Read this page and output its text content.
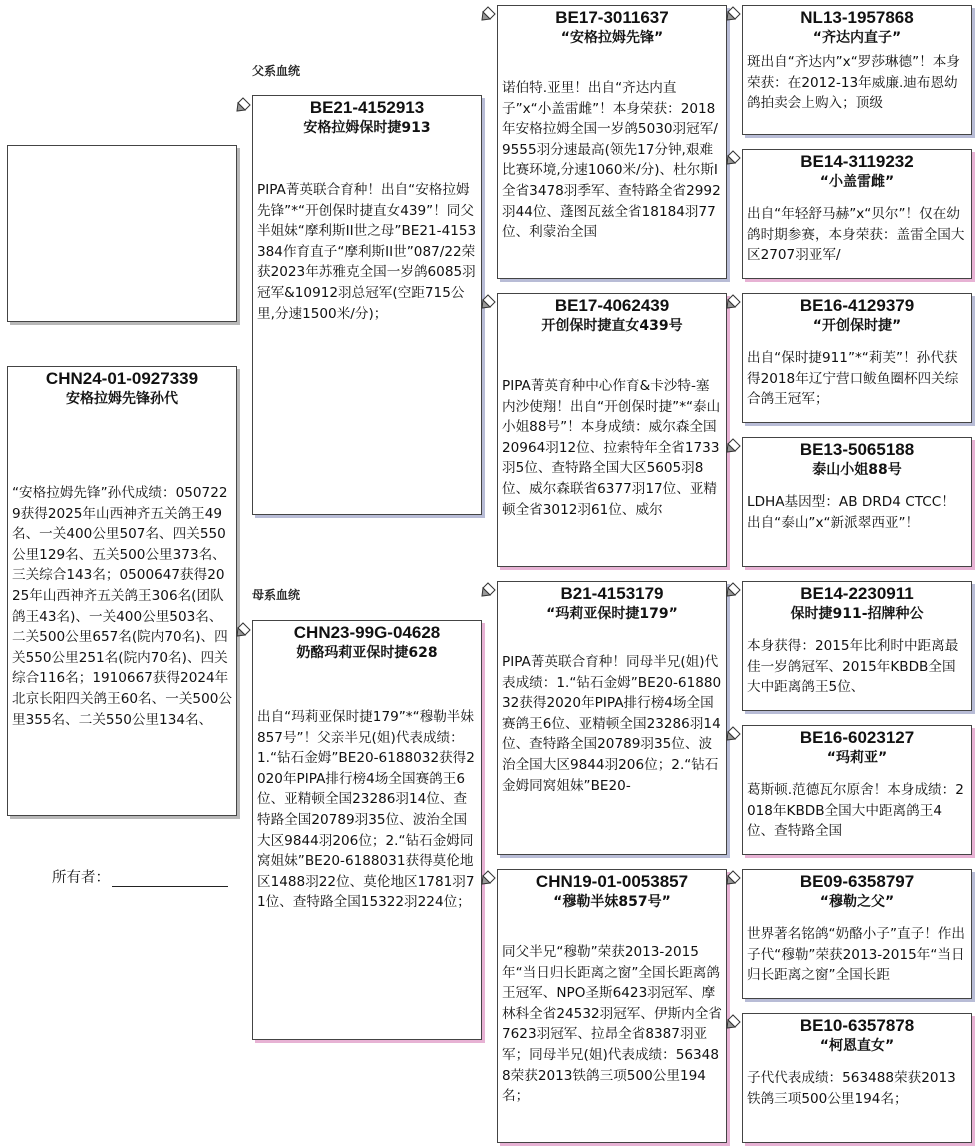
CHN24-01-0927339
安格拉姆先锋孙代
“安格拉姆先锋”孙代成绩：0507229获得2025年山西神齐五关鸽王49名、一关400公里507名、四关550公里129名、五关500公里373名、三关综合143名；0500647获得2025年山西神齐五关鸽王306名(团队鸽王43名)、一关400公里503名、二关500公里657名(院内70名)、四关550公里251名(院内70名)、四关综合116名；1910667获得2024年北京长阳四关鸽王60名、一关500公里355名、二关550公里134名、
所有者：
父系血统
母系血统
BE21-4152913
安格拉姆保时捷913
PIPA菁英联合育种！出自“安格拉姆先锋”*“开创保时捷直女439”！同父半姐妹“摩利斯II世之母”BE21-4153384作育直子“摩利斯II世”087/22荣获2023年苏雅克全国一岁鸽6085羽冠军&10912羽总冠军(空距715公里,分速1500米/分)；
CHN23-99G-04628
奶酪玛莉亚保时捷628
出自“玛莉亚保时捷179”*“穆勒半妹857号”！父亲半兄(姐)代表成绩：1.“钻石金姆”BE20-6188032获得2020年PIPA排行榜4场全国赛鸽王6位、亚精顿全国23286羽14位、查特路全国20789羽35位、波治全国大区9844羽206位；2.“钻石金姆同窝姐妹”BE20-6188031获得莫伦地区1488羽22位、莫伦地区1781羽71位、查特路全国15322羽224位；
BE17-3011637
“安格拉姆先锋”
诺伯特.亚里！出自“齐达内直子”x“小盖雷雌”！本身荣获：2018年安格拉姆全国一岁鸽5030羽冠军/9555羽分速最高(领先17分钟,艰难比赛环境,分速1060米/分)、杜尔斯I全省3478羽季军、查特路全省2992羽44位、蓬图瓦兹全省18184羽77位、利蒙治全国
BE17-4062439
开创保时捷直女439号
PIPA菁英育种中心作育&卡沙特-塞内沙使翔！出自“开创保时捷”*“泰山小姐88号”！本身成绩：威尔森全国20964羽12位、拉索特年全省1733羽5位、查特路全国大区5605羽8位、威尔森联省6377羽17位、亚精顿全省3012羽61位、威尔
B21-4153179
“玛莉亚保时捷179”
PIPA菁英联合育种！同母半兄(姐)代表成绩：1.“钻石金姆”BE20-6188032获得2020年PIPA排行榜4场全国赛鸽王6位、亚精顿全国23286羽14位、查特路全国20789羽35位、波治全国大区9844羽206位；2.“钻石金姆同窝姐妹”BE20-
CHN19-01-0053857
“穆勒半妹857号”
同父半兄“穆勒”荣获2013-2015年“当日归长距离之窗”全国长距离鸽王冠军、NPO圣斯6423羽冠军、摩林科全省24532羽冠军、伊斯内全省7623羽冠军、拉昂全省8387羽亚军；同母半兄(姐)代表成绩：563488荣获2013铁鸽三项500公里194名；
NL13-1957868
“齐达内直子”
斑出自“齐达内”x“罗莎琳德”！本身荣获：在2012-13年威廉.迪布恩幼鸽拍卖会上购入；顶级
BE14-3119232
“小盖雷雌”
出自“年轻舒马赫”x“贝尔”！仅在幼鸽时期参赛，本身荣获：盖雷全国大区2707羽亚军/
BE16-4129379
“开创保时捷”
出自“保时捷911”*“莉芙”！孙代获得2018年辽宁营口鲅鱼圈杯四关综合鸽王冠军；
BE13-5065188
泰山小姐88号
LDHA基因型：AB DRD4 CTCC！出自“泰山”x“新派翠西亚”！
BE14-2230911
保时捷911-招牌种公
本身获得：2015年比利时中距离最佳一岁鸽冠军、2015年KBDB全国大中距离鸽王5位、
BE16-6023127
“玛莉亚”
葛斯顿.范德瓦尔原舍！本身成绩：2018年KBDB全国大中距离鸽王4位、查特路全国
BE09-6358797
“穆勒之父”
世界著名铭鸽“奶酪小子”直子！作出子代“穆勒”荣获2013-2015年“当日归长距离之窗”全国长距
BE10-6357878
“柯恩直女”
子代代表成绩：563488荣获2013铁鸽三项500公里194名；
